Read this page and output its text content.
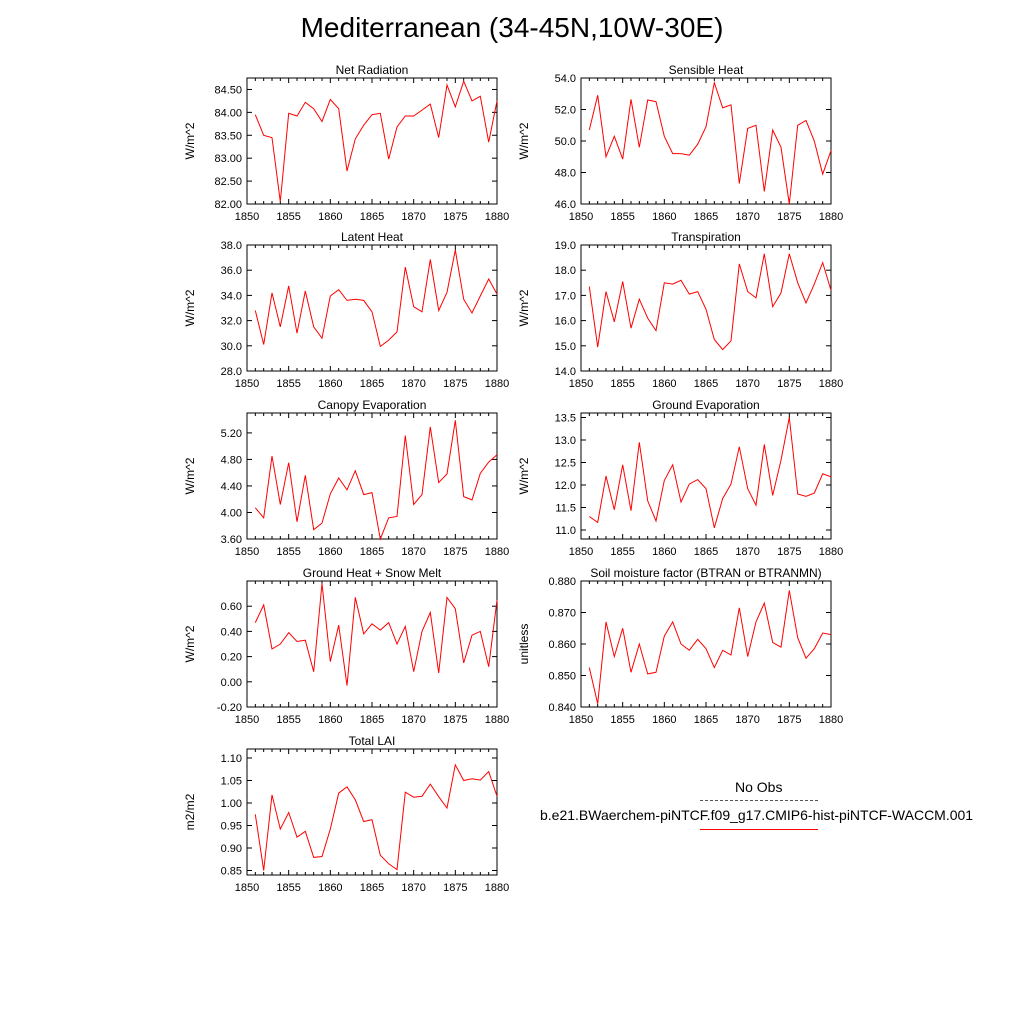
Mediterranean (34-45N,10W-30E)
Net Radiation
W/m^2
1850 1855 1860 1865 1870 1875 1880
82.00
82.50
83.00
83.50
84.00
84.50
Sensible Heat
W/m^2
1850 1855 1860 1865 1870 1875 1880
46.0
48.0
50.0
52.0
54.0
Latent Heat
W/m^2
1850 1855 1860 1865 1870 1875 1880
28.0
30.0
32.0
34.0
36.0
38.0
Transpiration
W/m^2
1850 1855 1860 1865 1870 1875 1880
14.0
15.0
16.0
17.0
18.0
19.0
Canopy Evaporation
W/m^2
1850 1855 1860 1865 1870 1875 1880
3.60
4.00
4.40
4.80
5.20
Ground Evaporation
W/m^2
1850 1855 1860 1865 1870 1875 1880
11.0
11.5
12.0
12.5
13.0
13.5
Ground Heat + Snow Melt
W/m^2
1850 1855 1860 1865 1870 1875 1880
-0.20
0.00
0.20
0.40
0.60
Soil moisture factor (BTRAN or BTRANMN)
unitless
1850 1855 1860 1865 1870 1875 1880
0.840
0.850
0.860
0.870
0.880
Total LAI
m2/m2
1850 1855 1860 1865 1870 1875 1880
0.85
0.90
0.95
1.00
1.05
1.10
No Obs
b.e21.BWaerchem-piNTCF.f09_g17.CMIP6-hist-piNTCF-WACCM.001
